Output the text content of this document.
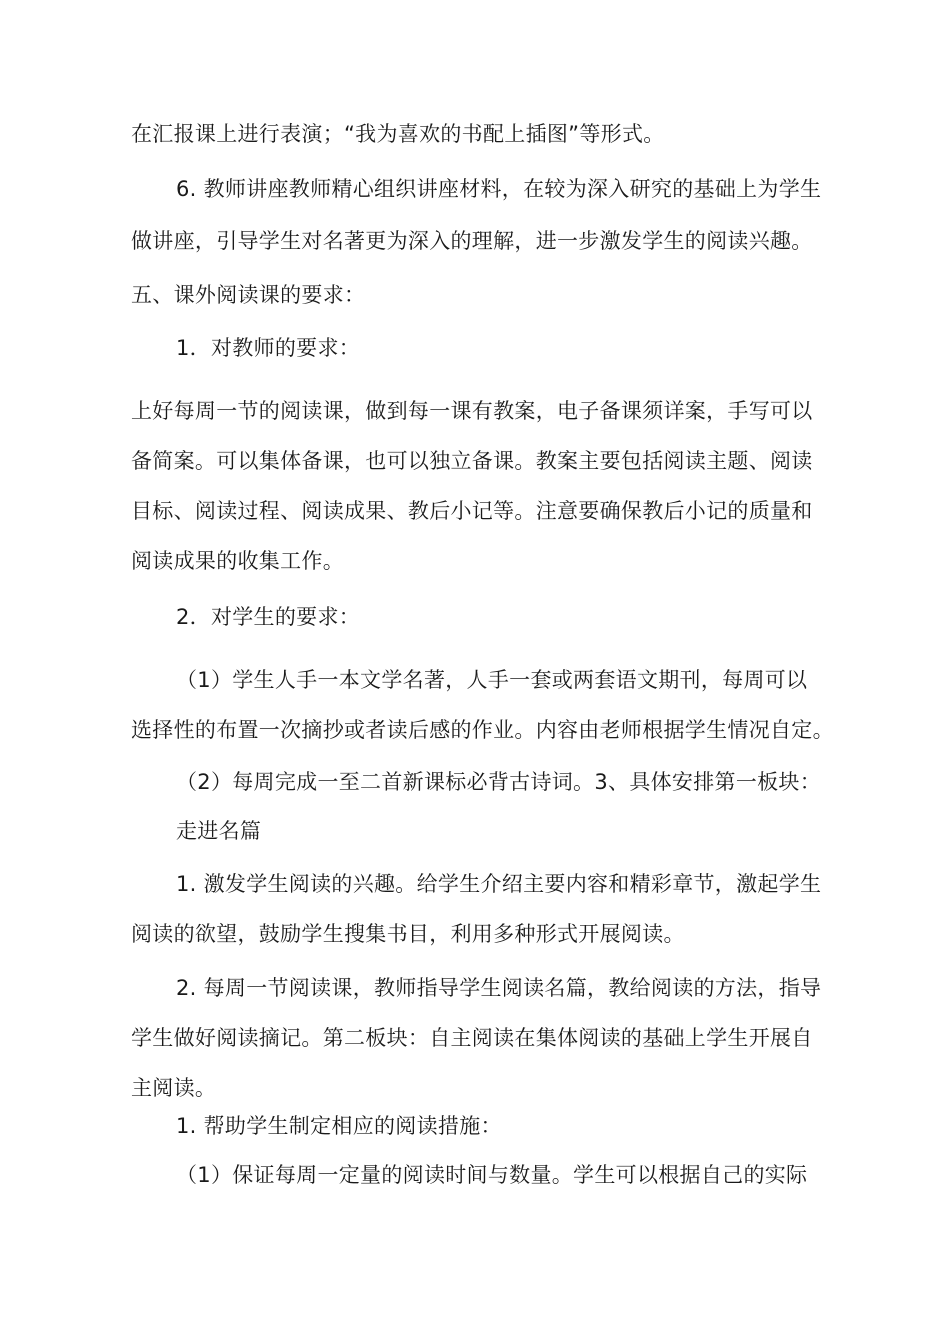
在汇报课上进行表演；“我为喜欢的书配上插图”等形式。
6. 教师讲座教师精心组织讲座材料，在较为深入研究的基础上为学生
做讲座，引导学生对名著更为深入的理解，进一步激发学生的阅读兴趣。
五、课外阅读课的要求：
1．对教师的要求：
上好每周一节的阅读课，做到每一课有教案，电子备课须详案，手写可以
备简案。可以集体备课，也可以独立备课。教案主要包括阅读主题、阅读
目标、阅读过程、阅读成果、教后小记等。注意要确保教后小记的质量和
阅读成果的收集工作。
2．对学生的要求：
（1）学生人手一本文学名著，人手一套或两套语文期刊，每周可以
选择性的布置一次摘抄或者读后感的作业。内容由老师根据学生情况自定。
（2）每周完成一至二首新课标必背古诗词。3、具体安排第一板块：
走进名篇
1. 激发学生阅读的兴趣。给学生介绍主要内容和精彩章节，激起学生
阅读的欲望，鼓励学生搜集书目，利用多种形式开展阅读。
2. 每周一节阅读课，教师指导学生阅读名篇，教给阅读的方法，指导
学生做好阅读摘记。第二板块：自主阅读在集体阅读的基础上学生开展自
主阅读。
1. 帮助学生制定相应的阅读措施：
（1）保证每周一定量的阅读时间与数量。学生可以根据自己的实际
